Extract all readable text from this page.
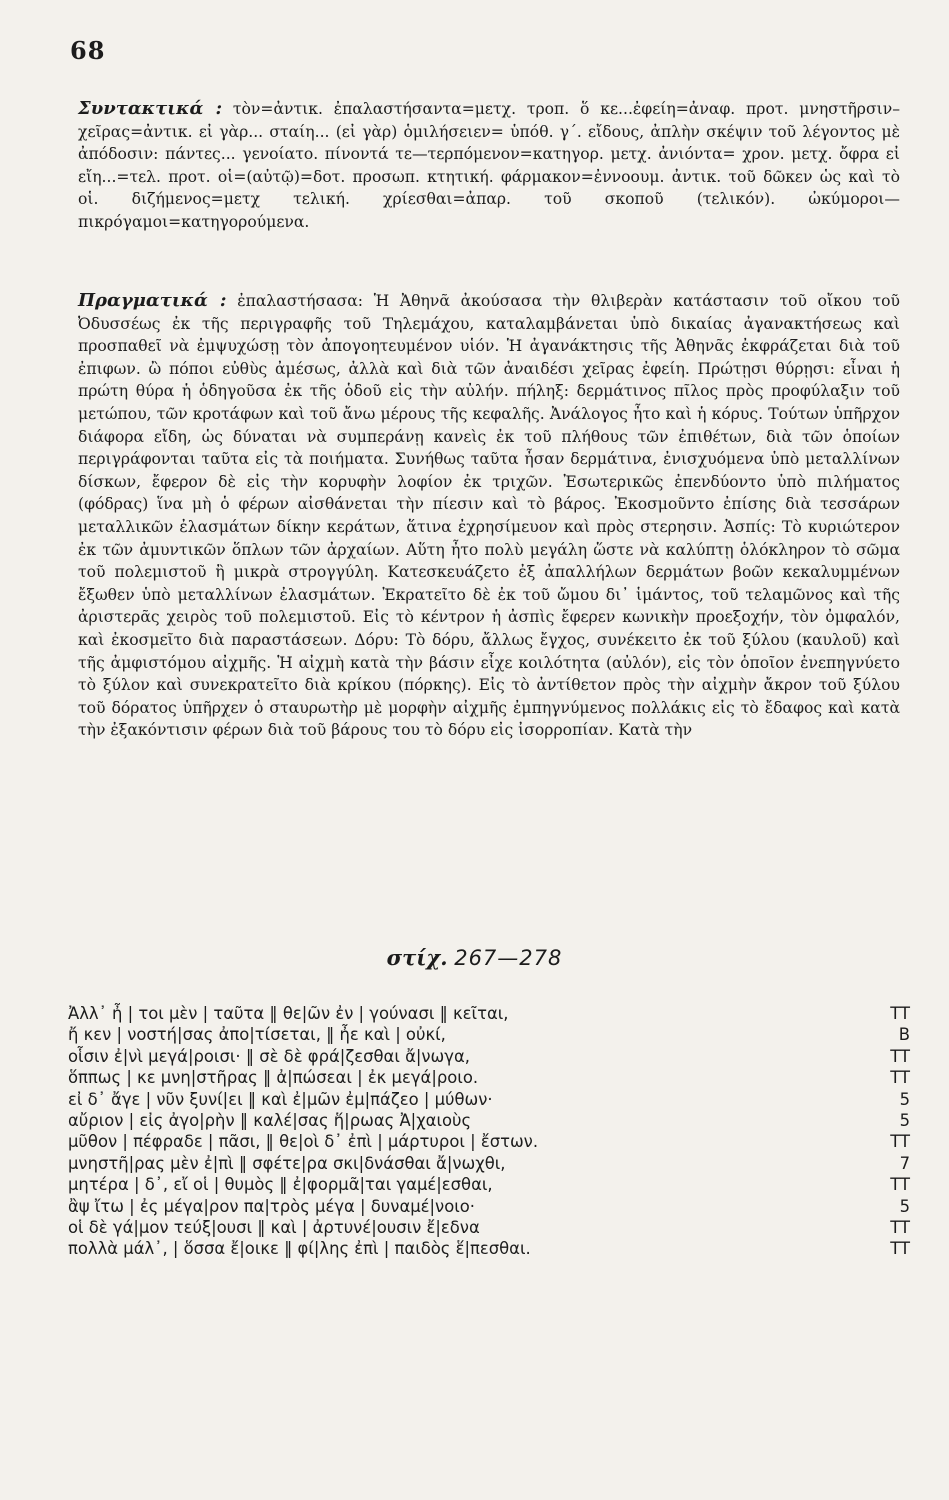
68
Συντακτικά : τὸν=ἀντικ. ἐπαλαστήσαντα=μετχ. τροπ. ὅ κε...ἐφείη=ἀναφ. προτ. μνηστῆρσιν–χεῖρας=ἀντικ. εἰ γὰρ... σταίη... (εἰ γὰρ) ὁμιλήσειεν= ὑπόθ. γ΄. εἴδους, ἀπλὴν σκέψιν τοῦ λέγοντος μὲ ἀπόδοσιν: πάντες... γενοίατο. πίνοντά τε—τερπόμενον=κατηγορ. μετχ. ἀνιόντα= χρον. μετχ. ὄφρα εἰ εἴη...=τελ. προτ. οἱ=(αὐτῷ)=δοτ. προσωπ. κτητική. φάρμακον=ἐννοουμ. ἀντικ. τοῦ δῶκεν ὡς καὶ τὸ οἱ. διζήμενος=μετχ τελική. χρίεσθαι=ἀπαρ. τοῦ σκοποῦ (τελικόν). ὠκύμοροι—πικρόγαμοι=κατηγορούμενα.
Πραγματικά : ἐπαλαστήσασα: Ἡ Ἀθηνᾶ ἀκούσασα τὴν θλιβερὰν κατάστασιν τοῦ οἴκου τοῦ Ὀδυσσέως ἐκ τῆς περιγραφῆς τοῦ Τηλεμάχου, καταλαμβάνεται ὑπὸ δικαίας ἀγανακτήσεως καὶ προσπαθεῖ νὰ ἐμψυχώσῃ τὸν ἀπογοητευμένον υἱόν. Ἡ ἀγανάκτησις τῆς Ἀθηνᾶς ἐκφράζεται διὰ τοῦ ἐπιφων. ὢ πόποι εὐθὺς ἀμέσως, ἀλλὰ καὶ διὰ τῶν ἀναιδέσι χεῖρας ἐφείη. Πρώτῃσι θύρῃσι: εἶναι ἡ πρώτη θύρα ἡ ὁδηγοῦσα ἐκ τῆς ὁδοῦ εἰς τὴν αὐλήν. πήληξ: δερμάτινος πῖλος πρὸς προφύλαξιν τοῦ μετώπου, τῶν κροτάφων καὶ τοῦ ἄνω μέρους τῆς κεφαλῆς. Ἀνάλογος ἦτο καὶ ἡ κόρυς. Τούτων ὑπῆρχον διάφορα εἴδη, ὡς δύναται νὰ συμπεράνῃ κανεὶς ἐκ τοῦ πλήθους τῶν ἐπιθέτων, διὰ τῶν ὁποίων περιγράφονται ταῦτα εἰς τὰ ποιήματα. Συνήθως ταῦτα ἦσαν δερμάτινα, ἐνισχυόμενα ὑπὸ μεταλλίνων δίσκων, ἔφερον δὲ εἰς τὴν κορυφὴν λοφίον ἐκ τριχῶν. Ἐσωτερικῶς ἐπενδύοντο ὑπὸ πιλήματος (φόδρας) ἵνα μὴ ὁ φέρων αἰσθάνεται τὴν πίεσιν καὶ τὸ βάρος. Ἐκοσμοῦντο ἐπίσης διὰ τεσσάρων μεταλλικῶν ἐλασμάτων δίκην κεράτων, ἅτινα ἐχρησίμευον καὶ πρὸς στερησιν. Ἀσπίς: Τὸ κυριώτερον ἐκ τῶν ἀμυντικῶν ὅπλων τῶν ἀρχαίων. Αὕτη ἦτο πολὺ μεγάλη ὥστε νὰ καλύπτῃ ὁλόκληρον τὸ σῶμα τοῦ πολεμιστοῦ ἢ μικρὰ στρογγύλη. Κατεσκευάζετο ἐξ ἀπαλλήλων δερμάτων βοῶν κεκαλυμμένων ἔξωθεν ὑπὸ μεταλλίνων ἐλασμάτων. Ἐκρατεῖτο δὲ ἐκ τοῦ ὤμου δι᾽ ἱμάντος, τοῦ τελαμῶνος καὶ τῆς ἀριστερᾶς χειρὸς τοῦ πολεμιστοῦ. Εἰς τὸ κέντρον ἡ ἀσπὶς ἔφερεν κωνικὴν προεξοχήν, τὸν ὀμφαλόν, καὶ ἐκοσμεῖτο διὰ παραστάσεων. Δόρυ: Τὸ δόρυ, ἄλλως ἔγχος, συνέκειτο ἐκ τοῦ ξύλου (καυλοῦ) καὶ τῆς ἀμφιστόμου αἰχμῆς. Ἡ αἰχμὴ κατὰ τὴν βάσιν εἶχε κοιλότητα (αὐλόν), εἰς τὸν ὁποῖον ἐνεπηγνύετο τὸ ξύλον καὶ συνεκρατεῖτο διὰ κρίκου (πόρκης). Εἰς τὸ ἀντίθετον πρὸς τὴν αἰχμὴν ἄκρον τοῦ ξύλου τοῦ δόρατος ὑπῆρχεν ὁ σταυρωτὴρ μὲ μορφὴν αἰχμῆς ἐμπηγνύμενος πολλάκις εἰς τὸ ἔδαφος καὶ κατὰ τὴν ἐξακόντισιν φέρων διὰ τοῦ βάρους του τὸ δόρυ εἰς ἰσορροπίαν. Κατὰ τὴν
στίχ. 267—278
Ἀλλ᾽ ἦ | τοι μὲν | ταῦτα ‖ θε|ῶν ἐν | γούνασι ‖ κεῖται,	TT
ἤ κεν | νοστή|σας ἀπο|τίσεται, ‖ ἦε καὶ | οὐκί,	B
οἷσιν ἐ|νὶ μεγά|ροισι· ‖ σὲ δὲ φρά|ζεσθαι ἄ|νωγα,	TT
ὅππως | κε μνη|στῆρας ‖ ἀ|πώσεαι | ἐκ μεγά|ροιο.	TT
εἰ δ᾽ ἄγε | νῦν ξυνί|ει ‖ καὶ ἐ|μῶν ἐμ|πάζεο | μύθων·	5
αὔριον | εἰς ἀγο|ρὴν ‖ καλέ|σας ἥ|ρωας Ἀ|χαιοὺς	5
μῦθον | πέφραδε | πᾶσι, ‖ θε|οὶ δ᾽ ἐπὶ | μάρτυροι | ἔστων.	TT
μνηστῆ|ρας μὲν ἐ|πὶ ‖ σφέτε|ρα σκι|δνάσθαι ἄ|νωχθι,	7
μητέρα | δ᾽, εἴ οἱ | θυμὸς ‖ ἐ|φορμᾶ|ται γαμέ|εσθαι,	TT
ἂψ ἴτω | ἐς μέγα|ρον πα|τρὸς μέγα | δυναμέ|νοιο·	5
οἱ δὲ γά|μον τεύξ|ουσι ‖ καὶ | ἀρτυνέ|ουσιν ἔ|εδνα	TT
πολλὰ μάλ᾽, | ὅσσα ἔ|οικε ‖ φί|λης ἐπὶ | παιδὸς ἕ|πεσθαι.	TT
